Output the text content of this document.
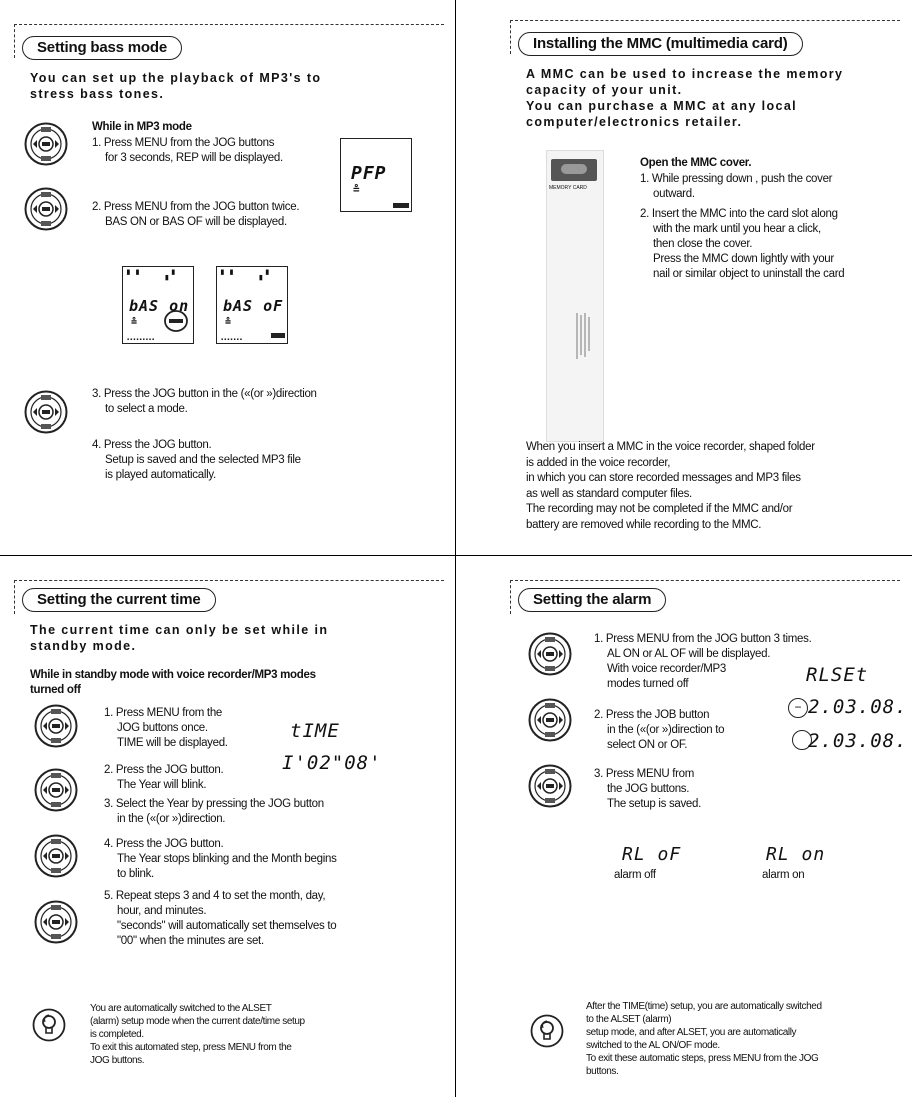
Setting bass mode
You can set up the playback of MP3's to
stress bass tones.
While in MP3 mode
1. Press MENU from the JOG buttons
for 3 seconds, REP will be displayed.
2. Press MENU from the JOG button twice.
BAS ON or BAS OF will be displayed.
PFP
≗
▘▝    ▖▘
bAS on
≗
▪▪▪▪▪▪▪▪▪
▘▝    ▖▘
bAS oF
≗
▪▪▪▪▪▪▪
3. Press the JOG button in the («(or »)direction
to select a mode.
4. Press the JOG button.
Setup is saved and the selected MP3 file
is played automatically.
Installing the MMC (multimedia card)
A MMC can be used to increase the memory
capacity of your unit.
You can purchase a MMC at any local
computer/electronics retailer.
MEMORY CARD
Open the MMC cover.
1. While pressing down , push the cover
outward.
2. Insert the MMC into the card slot along
with the mark until you hear a click,
then close the cover.
Press the MMC down lightly with your
nail or similar object to uninstall the card
When you insert a MMC in the voice recorder, shaped folder
is added in the voice recorder,
in which you can store recorded messages and MP3 files
as well as standard computer files.
The recording may not be completed if the MMC and/or
battery are removed while recording to the MMC.
Setting the current time
The current time can only be set while in
standby mode.
While in standby mode with voice recorder/MP3 modes
turned off
1. Press MENU from the
JOG buttons once.
TIME will be displayed.
tIME
I'02"08'
2. Press the JOG button.
The Year will blink.
3. Select the Year by pressing the JOG button
in the («(or »)direction.
4. Press the JOG button.
The Year stops blinking and the Month begins
to blink.
5. Repeat steps 3 and 4 to set the month, day,
hour, and minutes.
"seconds" will automatically set themselves to
"00" when the minutes are set.
You are automatically switched to the ALSET
(alarm) setup mode when the current date/time setup
is completed.
To exit this automated step, press MENU from the
JOG buttons.
Setting the alarm
1. Press MENU from the JOG button 3 times.
AL ON or AL OF will be displayed.
With voice recorder/MP3
modes turned off
2. Press the JOB button
in the («(or »)direction to
select ON or OF.
3. Press MENU from
the JOG buttons.
The setup is saved.
RLSEt
− 2.03.08.
2.03.08.
RL oF
alarm off
RL on
alarm on
After the TIME(time) setup, you are automatically switched
to the ALSET (alarm)
setup mode, and after ALSET, you are automatically
switched to the AL ON/OF mode.
To exit these automatic steps, press MENU from the JOG
buttons.
